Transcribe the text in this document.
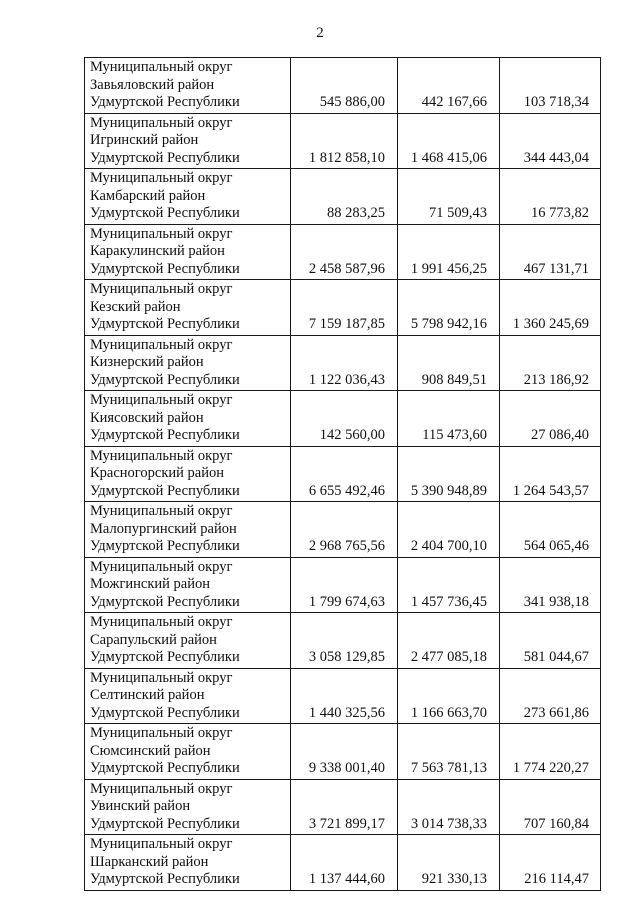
2
Муниципальный округ
Завьяловский район
Удмуртской Республики	545 886,00	442 167,66	103 718,34

Муниципальный округ
Игринский район
Удмуртской Республики	1 812 858,10	1 468 415,06	344 443,04

Муниципальный округ
Камбарский район
Удмуртской Республики	88 283,25	71 509,43	16 773,82

Муниципальный округ
Каракулинский район
Удмуртской Республики	2 458 587,96	1 991 456,25	467 131,71

Муниципальный округ
Кезский район
Удмуртской Республики	7 159 187,85	5 798 942,16	1 360 245,69

Муниципальный округ
Кизнерский район
Удмуртской Республики	1 122 036,43	908 849,51	213 186,92

Муниципальный округ
Киясовский район
Удмуртской Республики	142 560,00	115 473,60	27 086,40

Муниципальный округ
Красногорский район
Удмуртской Республики	6 655 492,46	5 390 948,89	1 264 543,57

Муниципальный округ
Малопургинский район
Удмуртской Республики	2 968 765,56	2 404 700,10	564 065,46

Муниципальный округ
Можгинский район
Удмуртской Республики	1 799 674,63	1 457 736,45	341 938,18

Муниципальный округ
Сарапульский район
Удмуртской Республики	3 058 129,85	2 477 085,18	581 044,67

Муниципальный округ
Селтинский район
Удмуртской Республики	1 440 325,56	1 166 663,70	273 661,86

Муниципальный округ
Сюмсинский район
Удмуртской Республики	9 338 001,40	7 563 781,13	1 774 220,27

Муниципальный округ
Увинский район
Удмуртской Республики	3 721 899,17	3 014 738,33	707 160,84

Муниципальный округ
Шарканский район
Удмуртской Республики	1 137 444,60	921 330,13	216 114,47
